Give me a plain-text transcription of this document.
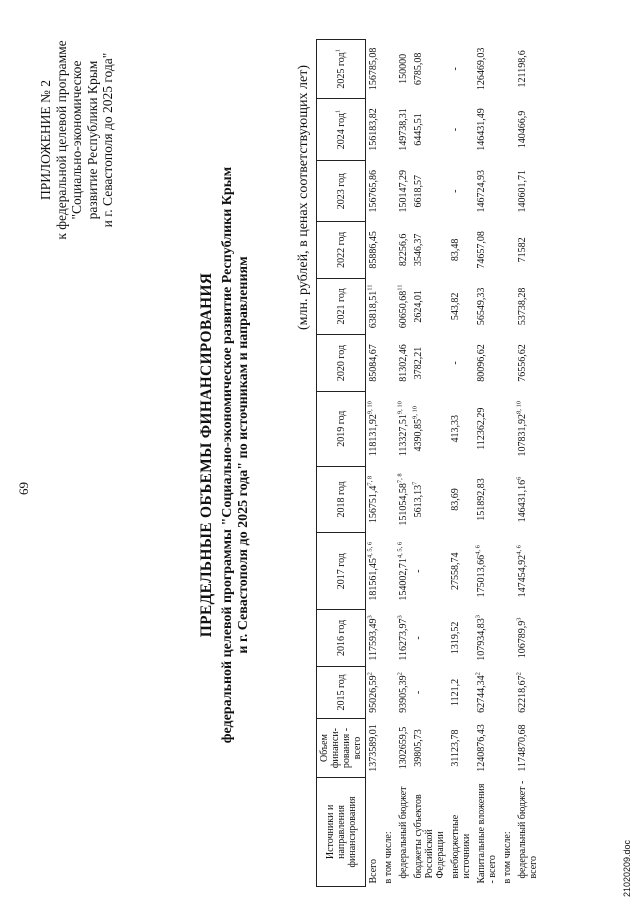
69
ПРИЛОЖЕНИЕ № 2 к федеральной целевой программе "Социально-экономическое развитие Республики Крым и г. Севастополя до 2025 года"
ПРЕДЕЛЬНЫЕ ОБЪЕМЫ ФИНАНСИРОВАНИЯ федеральной целевой программы "Социально-экономическое развитие Республики Крым и г. Севастополя до 2025 года" по источникам и направлениям
(млн. рублей, в ценах соответствующих лет)
Источники и направления финансирования	Объем финанси-рования - всего	2015 год	2016 год	2017 год	2018 год	2019 год	2020 год	2021 год	2022 год	2023 год	2024 год$^1$	2025 год$^1$
Всего	1373589,01	95026,59$^2$	117593,49$^3$	181561,45$^{4, 5, 6}$	156751,4$^{7, 8}$	118131,92$^{9, 10}$	85084,67	63818,51$^{11}$	85886,45	156765,86	156183,82	156785,08
в том числе:												
федеральный бюджет	1302659,5	93905,39$^2$	116273,97$^3$	154002,71$^{4, 5, 6}$	151054,58$^{7, 8}$	113327,51$^{9, 10}$	81302,46	60650,68$^{11}$	82256,6	150147,29	149738,31	150000
бюджеты субъектов Российской Федерации	39805,73	-	-	-	5613,13$^7$	4390,85$^{9, 10}$	3782,21	2624,01	3546,37	6618,57	6445,51	6785,08
внебюджетные источники	31123,78	1121,2	1319,52	27558,74	83,69	413,33	-	543,82	83,48	-	-	-
Капитальные вложения - всего	1240876,43	62744,34$^2$	107934,83$^3$	175013,66$^{4, 6}$	151892,83	112362,29	80096,62	56549,33	74657,08	146724,93	146431,49	126469,03
в том числе:												
федеральный бюджет - всего	1174870,68	62218,67$^2$	106789,9$^3$	147454,92$^{4, 6}$	146431,16$^6$	107831,92$^{8, 10}$	76556,62	53738,28	71582	140601,71	140466,9	121198,6
21020209.doc
